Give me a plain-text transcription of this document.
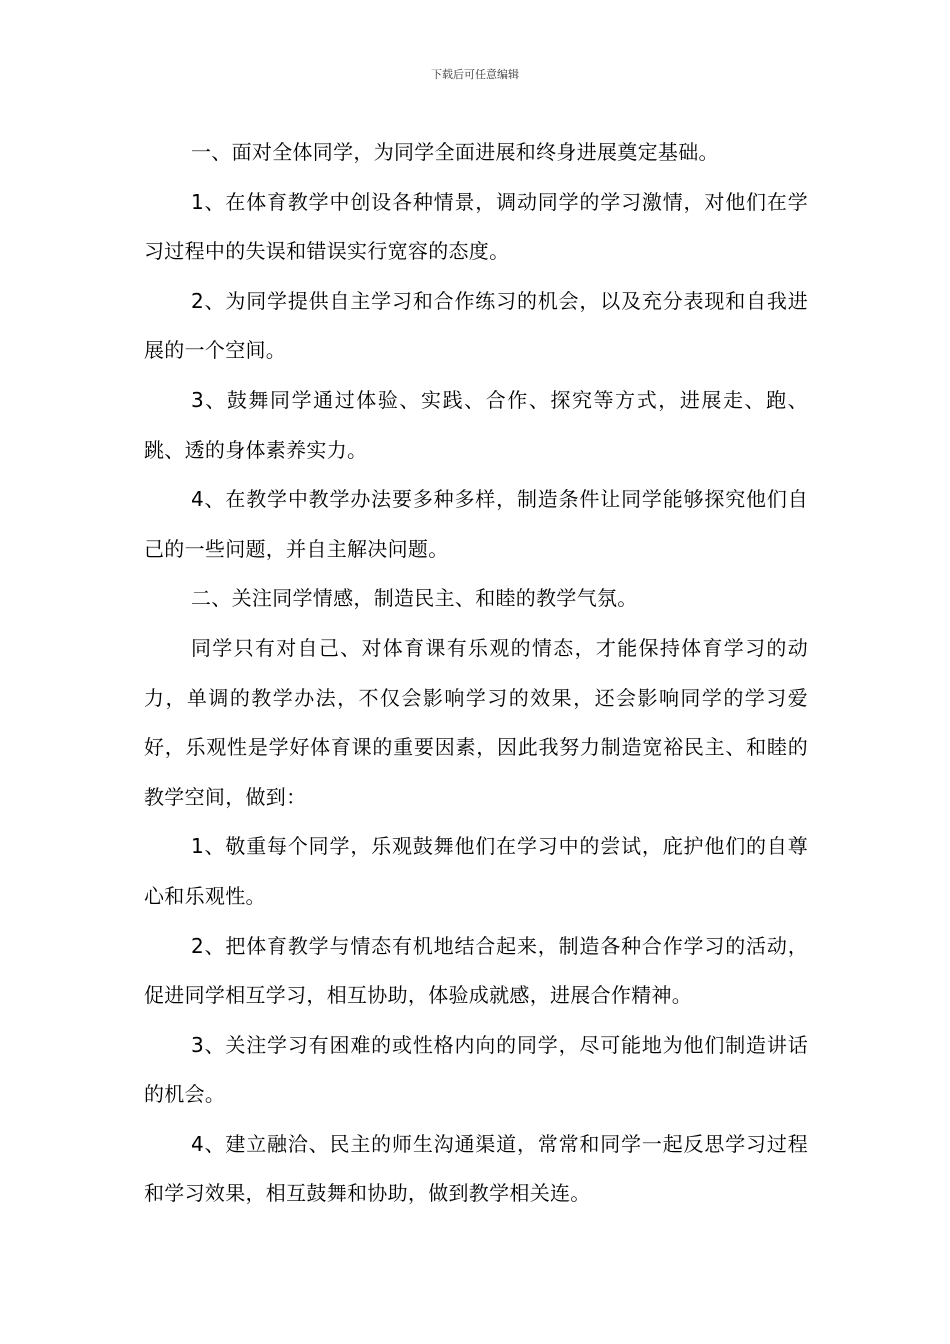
下载后可任意编辑

一、面对全体同学，为同学全面进展和终身进展奠定基础。

1、在体育教学中创设各种情景，调动同学的学习激情，对他们在学习过程中的失误和错误实行宽容的态度。

2、为同学提供自主学习和合作练习的机会，以及充分表现和自我进展的一个空间。

3、鼓舞同学通过体验、实践、合作、探究等方式，进展走、跑、跳、透的身体素养实力。

4、在教学中教学办法要多种多样，制造条件让同学能够探究他们自己的一些问题，并自主解决问题。

二、关注同学情感，制造民主、和睦的教学气氛。

同学只有对自己、对体育课有乐观的情态，才能保持体育学习的动力，单调的教学办法，不仅会影响学习的效果，还会影响同学的学习爱好，乐观性是学好体育课的重要因素，因此我努力制造宽裕民主、和睦的教学空间，做到：

1、敬重每个同学，乐观鼓舞他们在学习中的尝试，庇护他们的自尊心和乐观性。

2、把体育教学与情态有机地结合起来，制造各种合作学习的活动，促进同学相互学习，相互协助，体验成就感，进展合作精神。

3、关注学习有困难的或性格内向的同学，尽可能地为他们制造讲话的机会。

4、建立融洽、民主的师生沟通渠道，常常和同学一起反思学习过程和学习效果，相互鼓舞和协助，做到教学相关连。
